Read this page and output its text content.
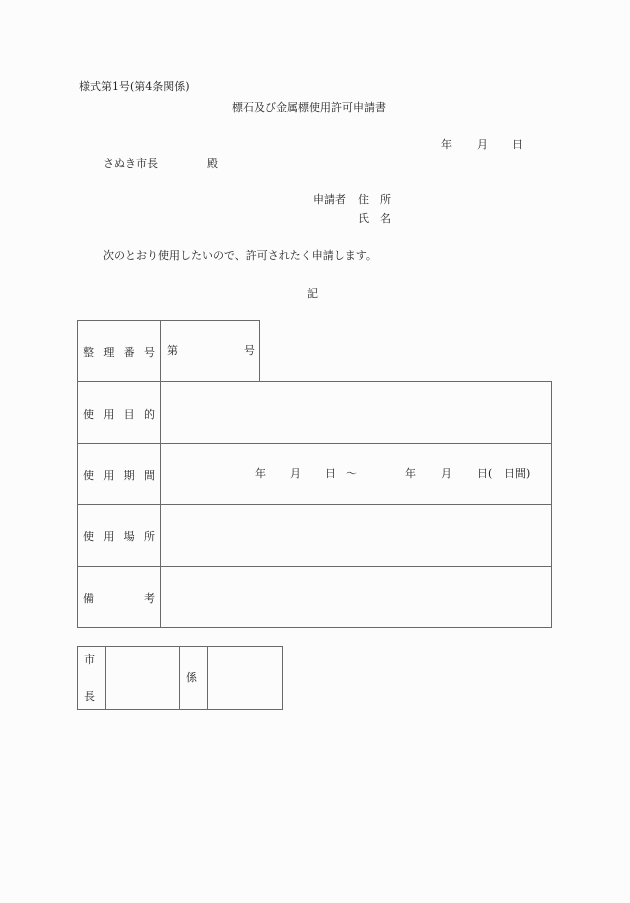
様式第1号(第4条関係)
標石及び金属標使用許可申請書
年 月 日
さぬき市長	殿
申請者 住　所
氏　名
次のとおり使用したいので、許可されたく申請します。
記
整 理 番 号 第	号
使 用 目 的
使 用 期 間	年 月 日 ～	年 月 日( 日間)
使 用 場 所
備	考
市
長
係
